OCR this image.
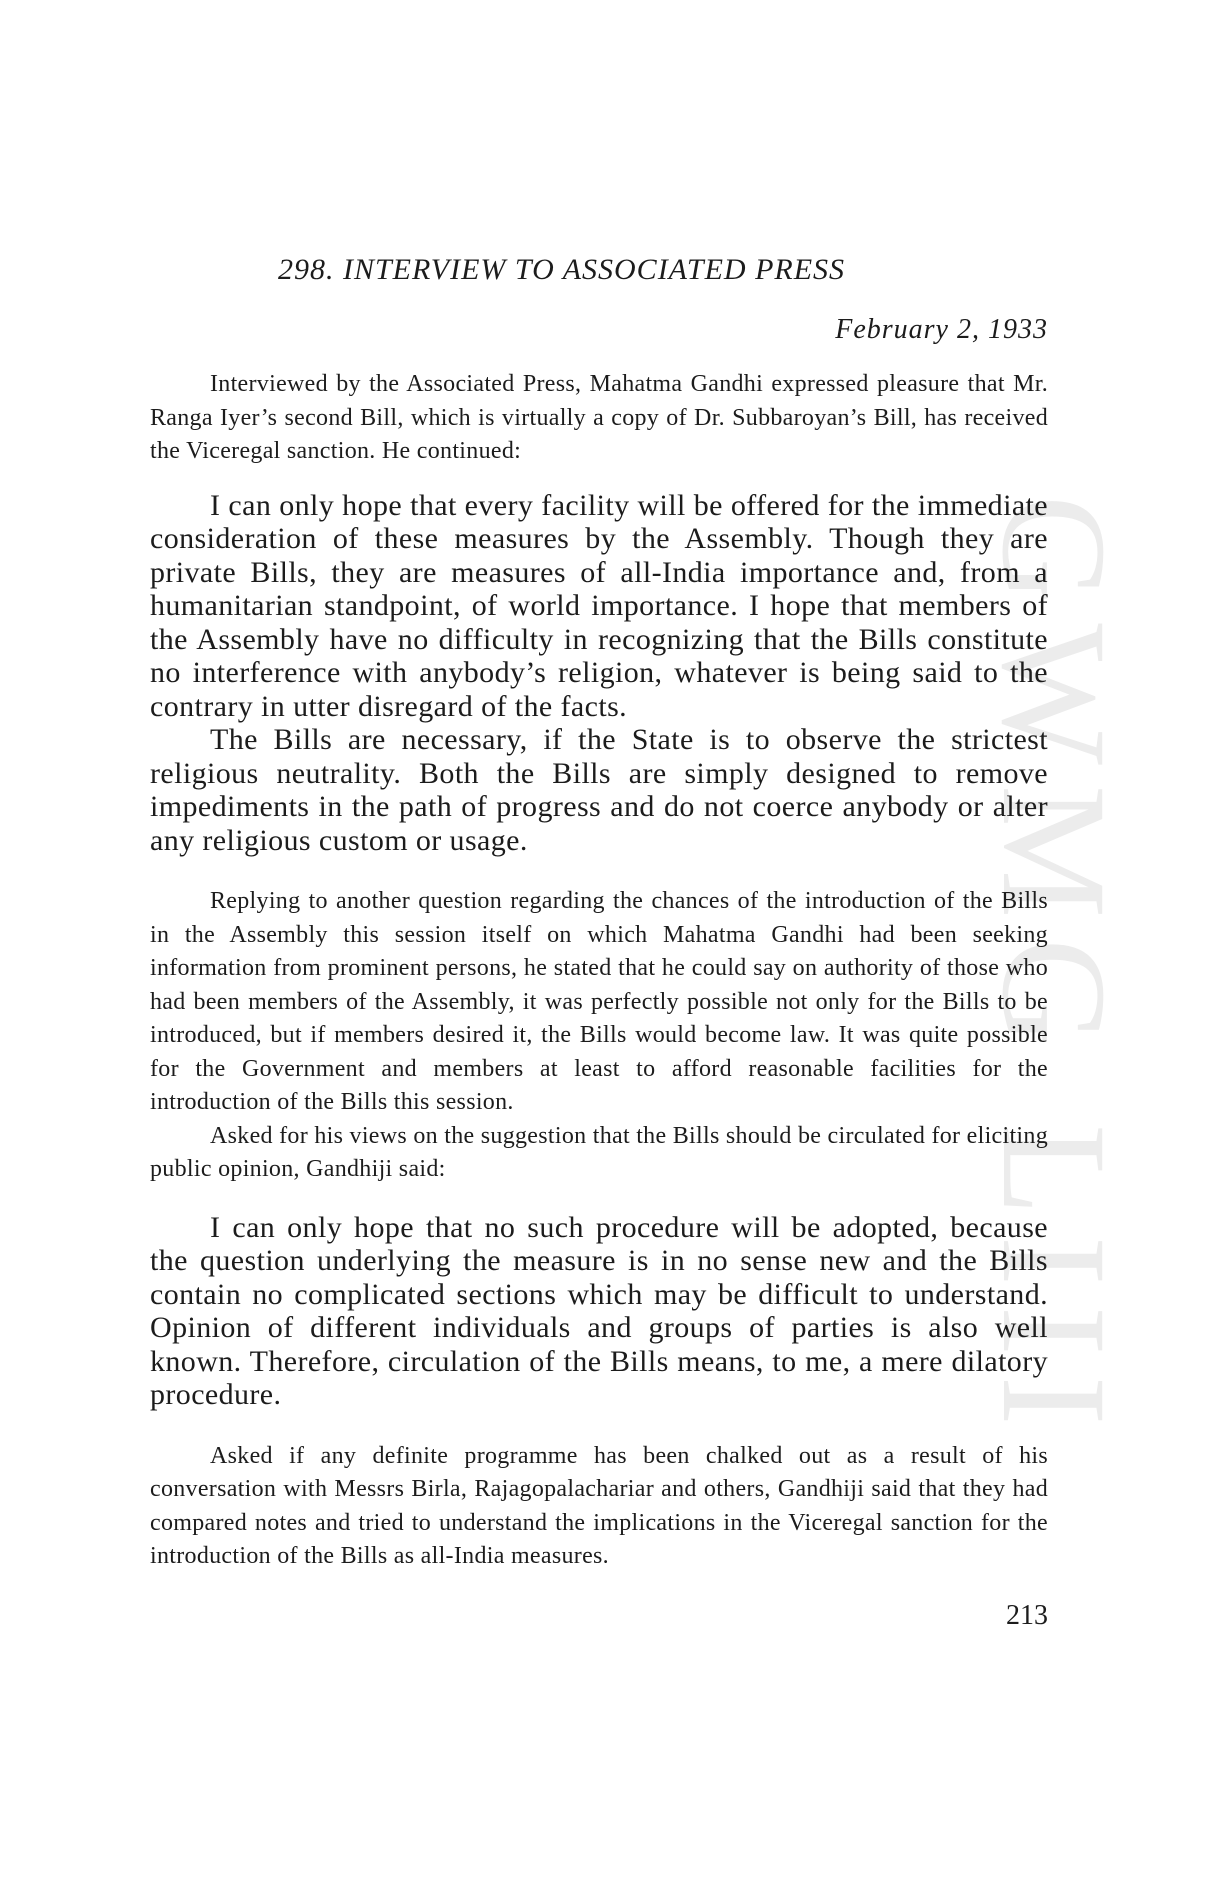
GWMG LIII
298. INTERVIEW TO ASSOCIATED PRESS
February 2, 1933

Interviewed by the Associated Press, Mahatma Gandhi expressed pleasure that Mr. Ranga Iyer’s second Bill, which is virtually a copy of Dr. Subbaroyan’s Bill, has received the Viceregal sanction. He continued:

I can only hope that every facility will be offered for the immediate consideration of these measures by the Assembly. Though they are private Bills, they are measures of all-India importance and, from a humanitarian standpoint, of world importance. I hope that members of the Assembly have no difficulty in recognizing that the Bills constitute no interference with anybody’s religion, whatever is being said to the contrary in utter disregard of the facts.

The Bills are necessary, if the State is to observe the strictest religious neutrality. Both the Bills are simply designed to remove impediments in the path of progress and do not coerce anybody or alter any religious custom or usage.

Replying to another question regarding the chances of the introduction of the Bills in the Assembly this session itself on which Mahatma Gandhi had been seeking information from prominent persons, he stated that he could say on authority of those who had been members of the Assembly, it was perfectly possible not only for the Bills to be introduced, but if members desired it, the Bills would become law. It was quite possible for the Government and members at least to afford reasonable facilities for the introduction of the Bills this session.

Asked for his views on the suggestion that the Bills should be circulated for eliciting public opinion, Gandhiji said:

I can only hope that no such procedure will be adopted, because the question underlying the measure is in no sense new and the Bills contain no complicated sections which may be difficult to understand. Opinion of different individuals and groups of parties is also well known. Therefore, circulation of the Bills means, to me, a mere dilatory procedure.

Asked if any definite programme has been chalked out as a result of his conversation with Messrs Birla, Rajagopalachariar and others, Gandhiji said that they had compared notes and tried to understand the implications in the Viceregal sanction for the introduction of the Bills as all-India measures.

213
